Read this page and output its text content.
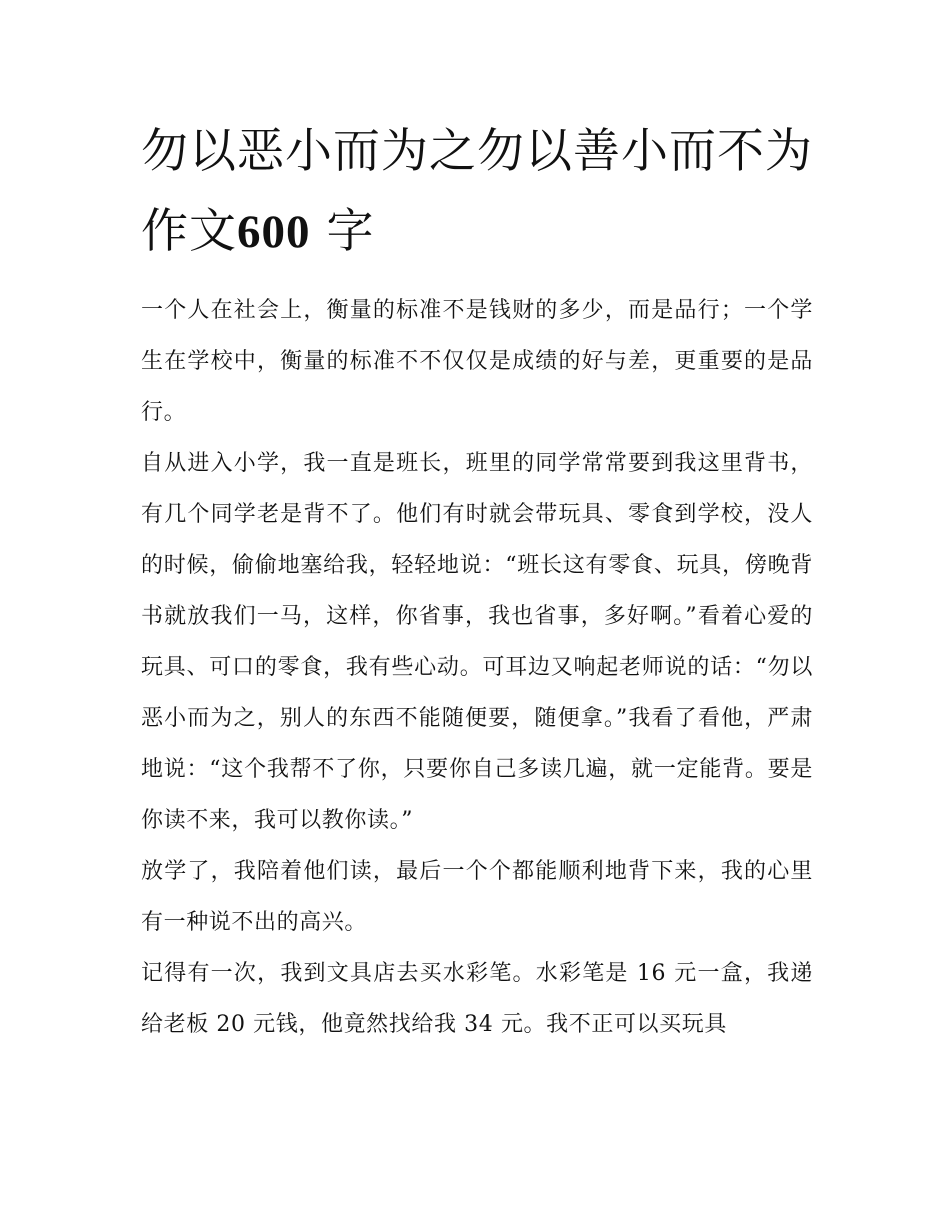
勿以恶小而为之勿以善小而不为作文600 字

一个人在社会上，衡量的标准不是钱财的多少，而是品行；一个学生在学校中，衡量的标准不不仅仅是成绩的好与差，更重要的是品行。

自从进入小学，我一直是班长，班里的同学常常要到我这里背书，有几个同学老是背不了。他们有时就会带玩具、零食到学校，没人的时候，偷偷地塞给我，轻轻地说：“班长这有零食、玩具，傍晚背书就放我们一马，这样，你省事，我也省事，多好啊。”看着心爱的玩具、可口的零食，我有些心动。可耳边又响起老师说的话：“勿以恶小而为之，别人的东西不能随便要，随便拿。”我看了看他，严肃地说：“这个我帮不了你，只要你自己多读几遍，就一定能背。要是你读不来，我可以教你读。”

放学了，我陪着他们读，最后一个个都能顺利地背下来，我的心里有一种说不出的高兴。

记得有一次，我到文具店去买水彩笔。水彩笔是 16 元一盒，我递给老板 20 元钱，他竟然找给我 34 元。我不正可以买玩具
